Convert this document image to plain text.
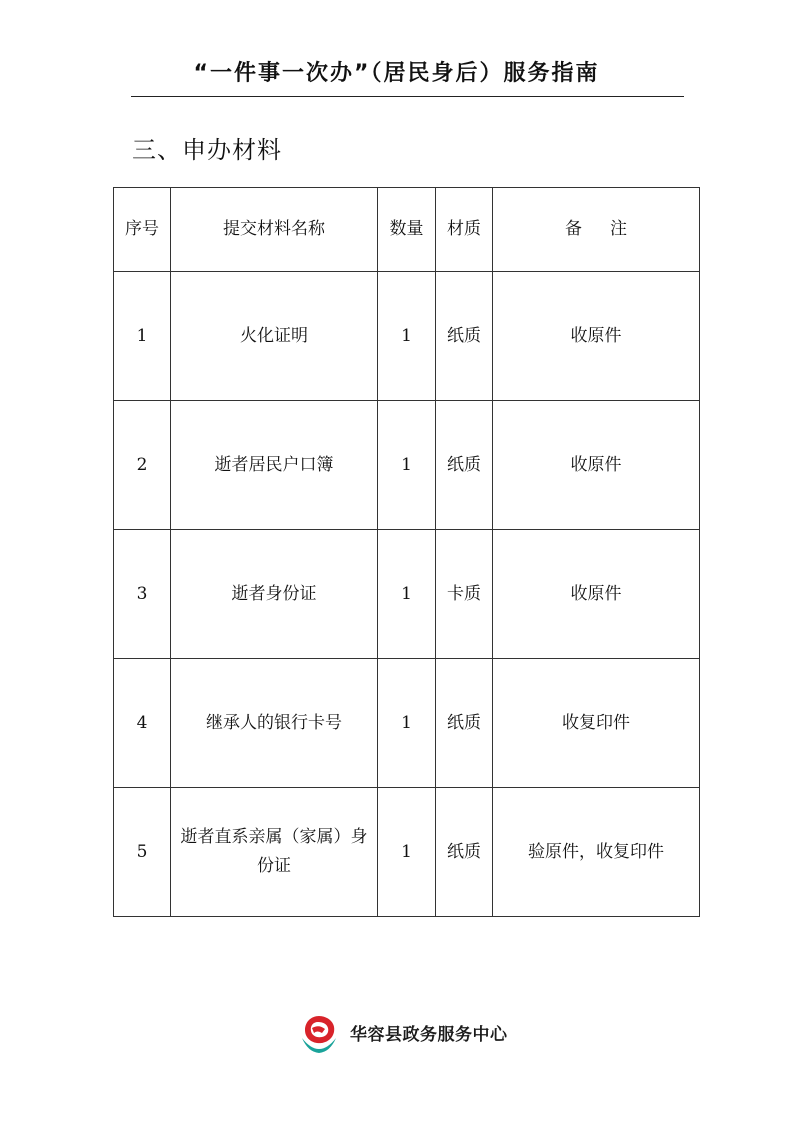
“一件事一次办”（居民身后）服务指南
三、申办材料
序号	提交材料名称	数量	材质	备注
1	火化证明	1	纸质	收原件
2	逝者居民户口簿	1	纸质	收原件
3	逝者身份证	1	卡质	收原件
4	继承人的银行卡号	1	纸质	收复印件
5	逝者直系亲属（家属）身份证	1	纸质	验原件，收复印件
华容县政务服务中心
